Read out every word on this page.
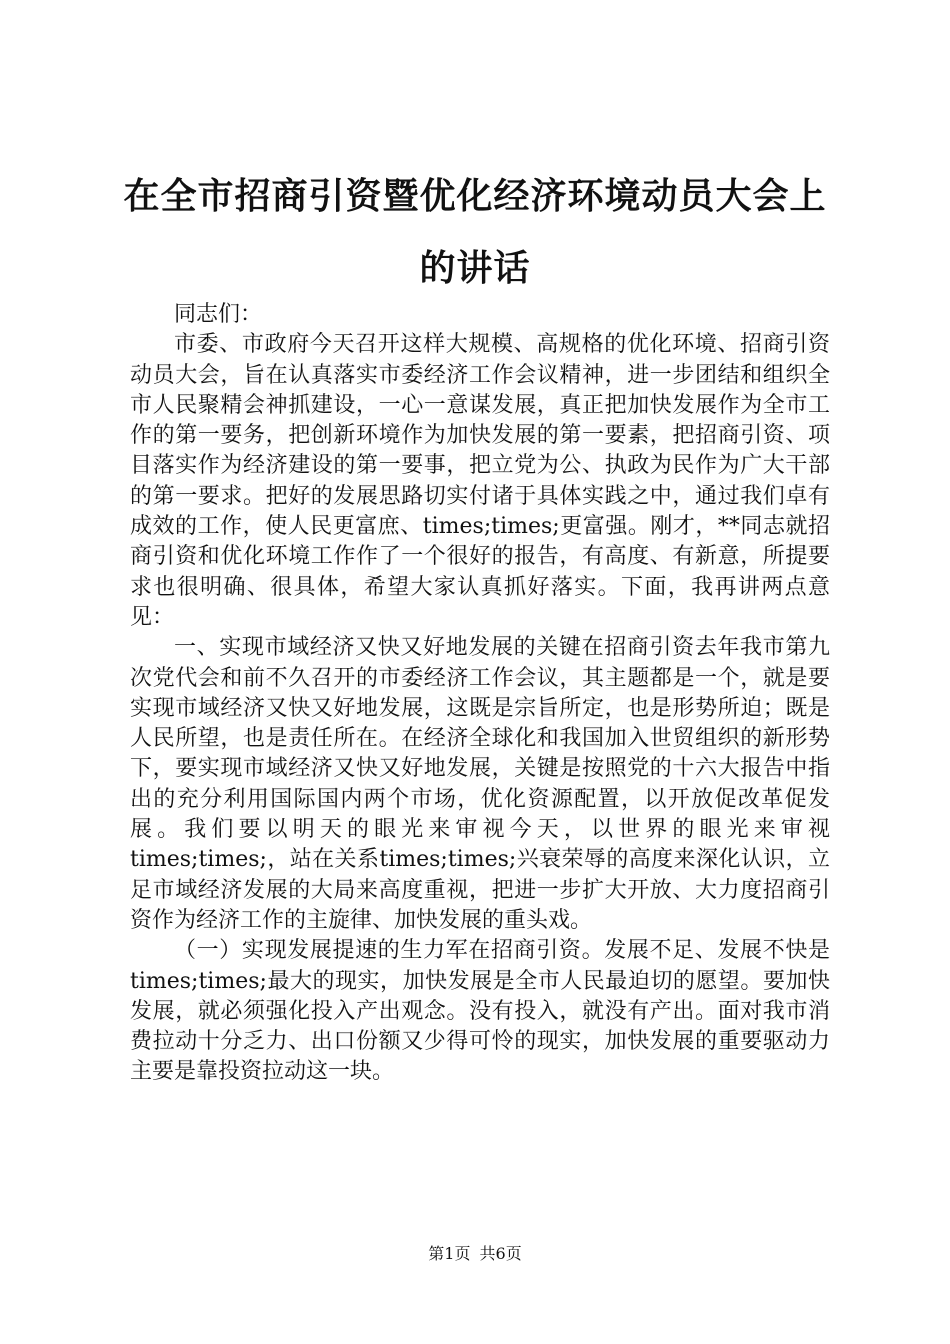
在全市招商引资暨优化经济环境动员大会上的讲话

同志们：

市委、市政府今天召开这样大规模、高规格的优化环境、招商引资动员大会，旨在认真落实市委经济工作会议精神，进一步团结和组织全市人民聚精会神抓建设，一心一意谋发展，真正把加快发展作为全市工作的第一要务，把创新环境作为加快发展的第一要素，把招商引资、项目落实作为经济建设的第一要事，把立党为公、执政为民作为广大干部的第一要求。把好的发展思路切实付诸于具体实践之中，通过我们卓有成效的工作，使人民更富庶、times;times;更富强。刚才，**同志就招商引资和优化环境工作作了一个很好的报告，有高度、有新意，所提要求也很明确、很具体，希望大家认真抓好落实。下面，我再讲两点意见：

一、实现市域经济又快又好地发展的关键在招商引资去年我市第九次党代会和前不久召开的市委经济工作会议，其主题都是一个，就是要实现市域经济又快又好地发展，这既是宗旨所定，也是形势所迫；既是人民所望，也是责任所在。在经济全球化和我国加入世贸组织的新形势下，要实现市域经济又快又好地发展，关键是按照党的十六大报告中指出的充分利用国际国内两个市场，优化资源配置，以开放促改革促发展。我们要以明天的眼光来审视今天，以世界的眼光来审视times;times;，站在关系times;times;兴衰荣辱的高度来深化认识，立足市域经济发展的大局来高度重视，把进一步扩大开放、大力度招商引资作为经济工作的主旋律、加快发展的重头戏。

（一）实现发展提速的生力军在招商引资。发展不足、发展不快是times;times;最大的现实，加快发展是全市人民最迫切的愿望。要加快发展，就必须强化投入产出观念。没有投入，就没有产出。面对我市消费拉动十分乏力、出口份额又少得可怜的现实，加快发展的重要驱动力主要是靠投资拉动这一块。

第1页 共6页
